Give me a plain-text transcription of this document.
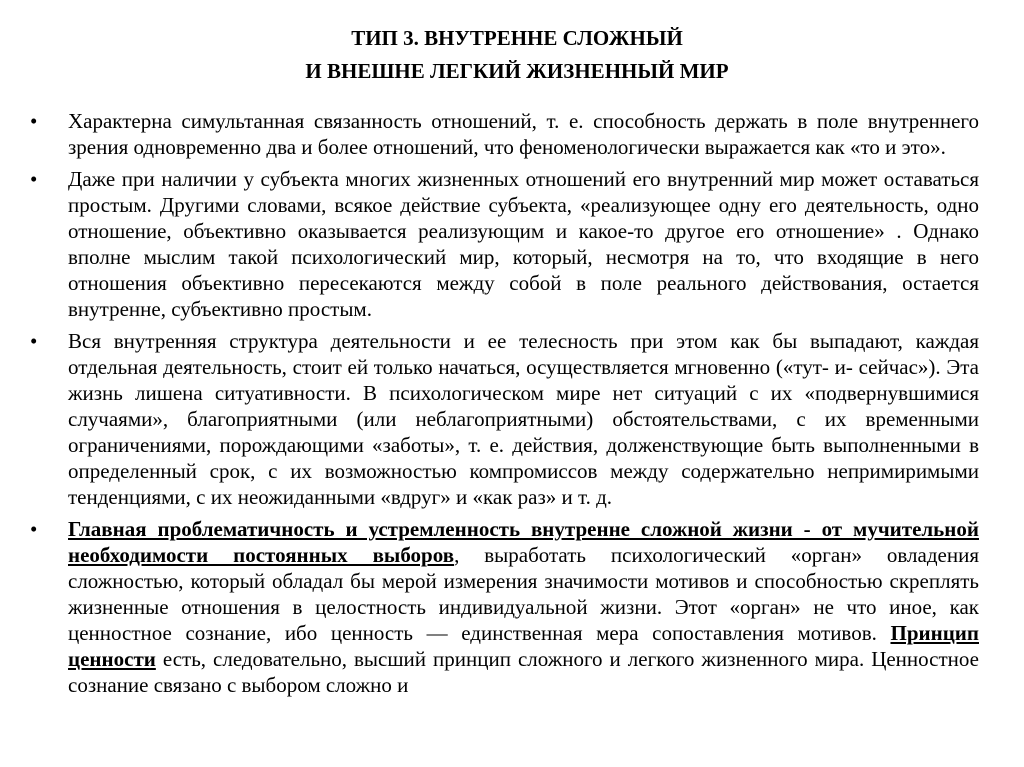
ТИП 3. ВНУТРЕННЕ СЛОЖНЫЙ
И ВНЕШНЕ ЛЕГКИЙ ЖИЗНЕННЫЙ МИР
• Характерна симультанная связанность отношений, т. е. способность держать в поле внутреннего зрения одновременно два и более отношений, что феноменологически выражается как «то и это».
• Даже при наличии у субъекта многих жизненных отношений его внутренний мир может оставаться простым. Другими словами, всякое действие субъекта, «реализующее одну его деятельность, одно отношение, объективно оказывается реализующим и какое-то другое его отношение» . Однако вполне мыслим такой психологический мир, который, несмотря на то, что входящие в него отношения объективно пересекаются между собой в поле реального действования, остается внутренне, субъективно простым.
• Вся внутренняя структура деятельности и ее телесность при этом как бы выпадают, каждая отдельная деятельность, стоит ей только начаться, осуществляется мгновенно («тут- и- сейчас»). Эта жизнь лишена ситуативности. В психологическом мире нет ситуаций с их «подвернувшимися случаями», благоприятными (или неблагоприятными) обстоятельствами, с их временными ограничениями, порождающими «заботы», т. е. действия, долженствующие быть выполненными в определенный срок, с их возможностью компромиссов между содержательно непримиримыми тенденциями, с их неожиданными «вдруг» и «как раз» и т. д.
• Главная проблематичность и устремленность внутренне сложной жизни - от мучительной необходимости постоянных выборов, выработать психологический «орган» овладения сложностью, который обладал бы мерой измерения значимости мотивов и способностью скреплять жизненные отношения в целостность индивидуальной жизни. Этот «орган» не что иное, как ценностное сознание, ибо ценность — единственная мера сопоставления мотивов. Принцип ценности есть, следовательно, высший принцип сложного и легкого жизненного мира. Ценностное сознание связано с выбором сложно и
